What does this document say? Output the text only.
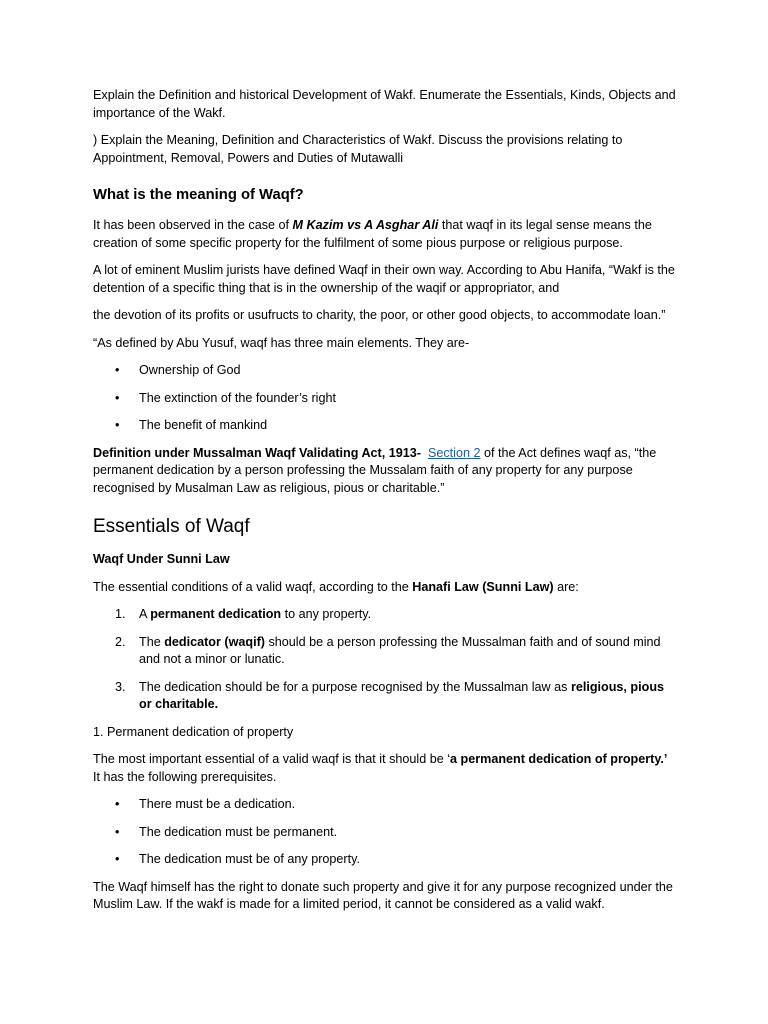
Explain the Definition and historical Development of Wakf. Enumerate the Essentials, Kinds, Objects and importance of the Wakf.

) Explain the Meaning, Definition and Characteristics of Wakf. Discuss the provisions relating to Appointment, Removal, Powers and Duties of Mutawalli

What is the meaning of Waqf?

It has been observed in the case of M Kazim vs A Asghar Ali that waqf in its legal sense means the creation of some specific property for the fulfilment of some pious purpose or religious purpose.

A lot of eminent Muslim jurists have defined Waqf in their own way. According to Abu Hanifa, “Wakf is the detention of a specific thing that is in the ownership of the waqif or appropriator, and

the devotion of its profits or usufructs to charity, the poor, or other good objects, to accommodate loan.”

“As defined by Abu Yusuf, waqf has three main elements. They are-

• Ownership of God
• The extinction of the founder’s right
• The benefit of mankind

Definition under Mussalman Waqf Validating Act, 1913- Section 2 of the Act defines waqf as, “the permanent dedication by a person professing the Mussalam faith of any property for any purpose recognised by Musalman Law as religious, pious or charitable.”

Essentials of Waqf
Waqf Under Sunni Law

The essential conditions of a valid waqf, according to the Hanafi Law (Sunni Law) are:

1. A permanent dedication to any property.
2. The dedicator (waqif) should be a person professing the Mussalman faith and of sound mind and not a minor or lunatic.
3. The dedication should be for a purpose recognised by the Mussalman law as religious, pious or charitable.

1. Permanent dedication of property

The most important essential of a valid waqf is that it should be ‘a permanent dedication of property.’ It has the following prerequisites.

• There must be a dedication.
• The dedication must be permanent.
• The dedication must be of any property.

The Waqf himself has the right to donate such property and give it for any purpose recognized under the Muslim Law. If the wakf is made for a limited period, it cannot be considered as a valid wakf.
